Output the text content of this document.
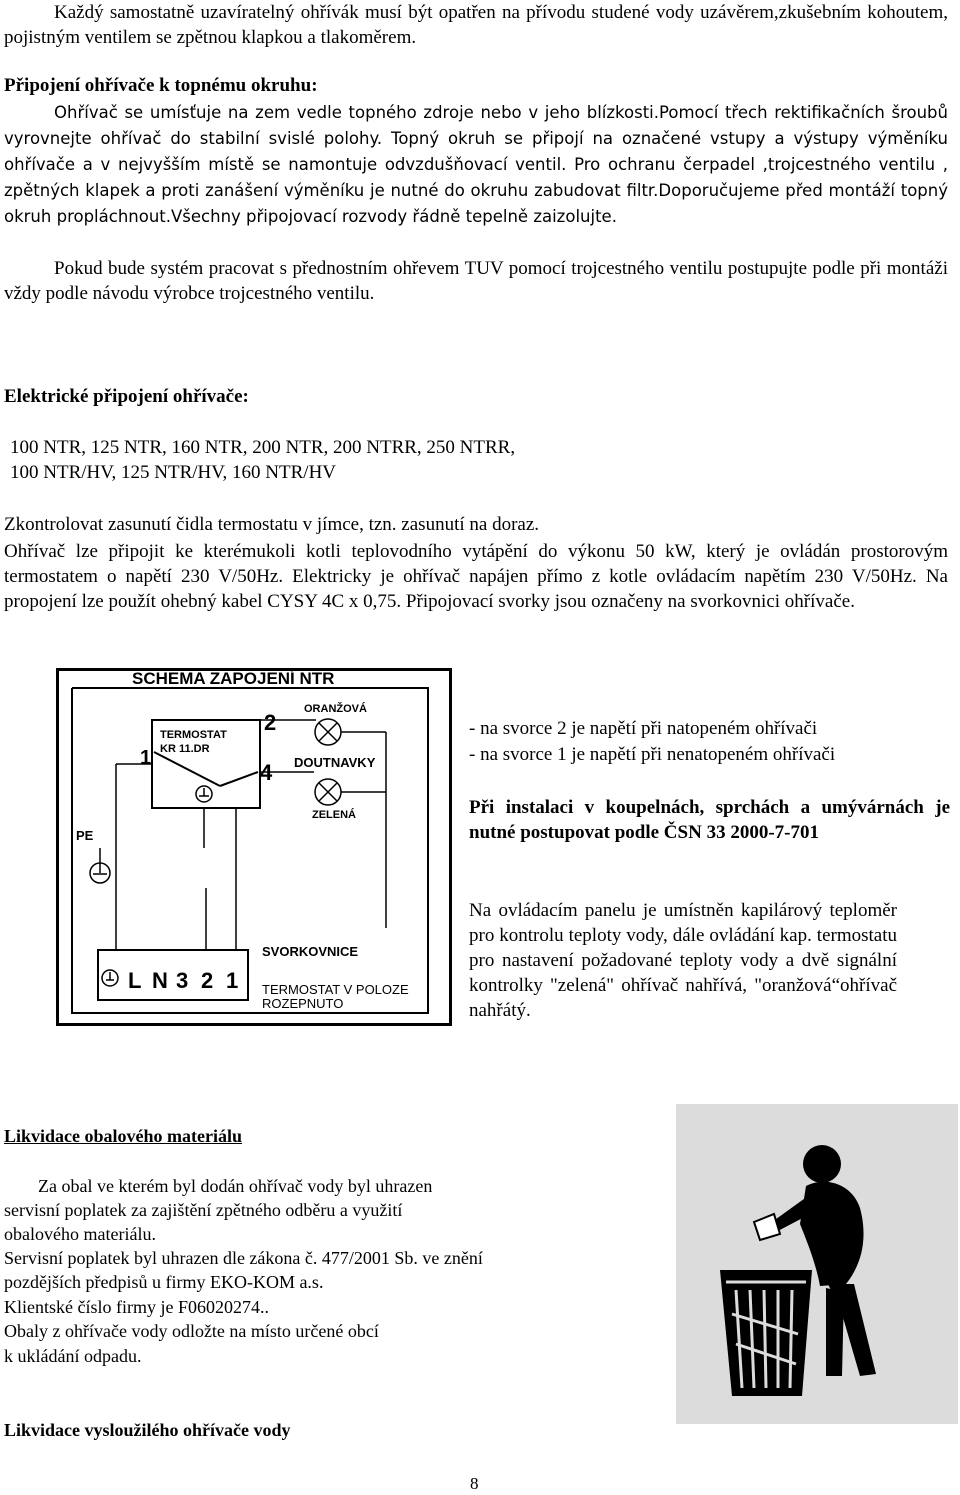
Každý samostatně uzavíratelný ohřívák musí být opatřen na přívodu studené vody uzávěrem,zkušebním kohoutem, pojistným ventilem se zpětnou klapkou a tlakoměrem.

Připojení ohřívače k topnému okruhu:

Ohřívač se umísťuje na zem vedle topného zdroje nebo v jeho blízkosti.Pomocí třech rektifikačních šroubů vyrovnejte ohřívač do stabilní svislé polohy. Topný okruh se připojí na označené vstupy a výstupy výměníku ohřívače a v nejvyšším místě se namontuje odvzdušňovací ventil. Pro ochranu čerpadel ,trojcestného ventilu , zpětných klapek a proti zanášení výměníku je nutné do okruhu zabudovat filtr.Doporučujeme před montáží topný okruh propláchnout.Všechny připojovací rozvody řádně tepelně zaizolujte.

Pokud bude systém pracovat s přednostním ohřevem TUV pomocí trojcestného ventilu postupujte podle při montáži vždy podle návodu výrobce trojcestného ventilu.

Elektrické připojení ohřívače:
100 NTR, 125 NTR, 160 NTR, 200 NTR, 200 NTRR, 250 NTRR,
100 NTR/HV, 125 NTR/HV, 160 NTR/HV
Zkontrolovat zasunutí čidla termostatu v jímce, tzn. zasunutí na doraz.

Ohřívač lze připojit ke kterémukoli kotli teplovodního vytápění do výkonu 50 kW, který je ovládán prostorovým termostatem o napětí 230 V/50Hz. Elektricky je ohřívač napájen přímo z kotle ovládacím napětím 230 V/50Hz. Na propojení lze použít ohebný kabel CYSY 4C x 0,75. Připojovací svorky jsou označeny na svorkovnici ohřívače.

SCHEMA ZAPOJENÍ NTR
TERMOSTAT
KR 11.DR
1
2
4
ORANŽOVÁ
DOUTNAVKY
ZELENÁ
PE
SVORKOVNICE
L N 3 2 1 TERMOSTAT V POLOZE
ROZEPNUTO
- na svorce 2 je napětí při natopeném ohřívači
- na svorce 1 je napětí při nenatopeném ohřívači

Při instalaci v koupelnách, sprchách a umývárnách je nutné postupovat podle ČSN 33 2000-7-701

Na ovládacím panelu je umístněn kapilárový teploměr pro kontrolu teploty vody, dále ovládání kap. termostatu pro nastavení požadované teploty vody a dvě signální kontrolky "zelená" ohřívač nahřívá, "oranžová“ohřívač nahřátý.

Likvidace obalového materiálu
Za obal ve kterém byl dodán ohřívač vody byl uhrazen
servisní poplatek za zajištění zpětného odběru a využití
obalového materiálu.
Servisní poplatek byl uhrazen dle zákona č. 477/2001 Sb. ve znění
pozdějších předpisů u firmy EKO-KOM a.s.
Klientské číslo firmy je F06020274..
Obaly z ohřívače vody odložte na místo určené obcí
k ukládání odpadu.
Likvidace vysloužilého ohřívače vody
8
